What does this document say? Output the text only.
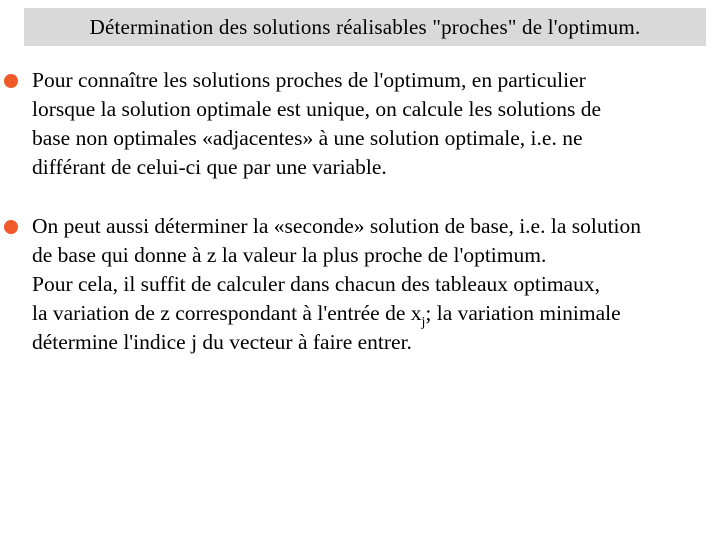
Détermination des solutions réalisables "proches" de l'optimum.
Pour connaître les solutions proches de l'optimum, en particulier
lorsque la solution optimale est unique, on calcule les solutions de
base non optimales «adjacentes» à une solution optimale, i.e. ne
différant de celui-ci que par une variable.
On peut aussi déterminer la «seconde» solution de base, i.e. la solution
de base qui donne à z la valeur la plus proche de l'optimum.
Pour cela, il suffit de calculer dans chacun des tableaux optimaux,
la variation de z correspondant à l'entrée de $x_j$; la variation minimale
détermine l'indice j du vecteur à faire entrer.
